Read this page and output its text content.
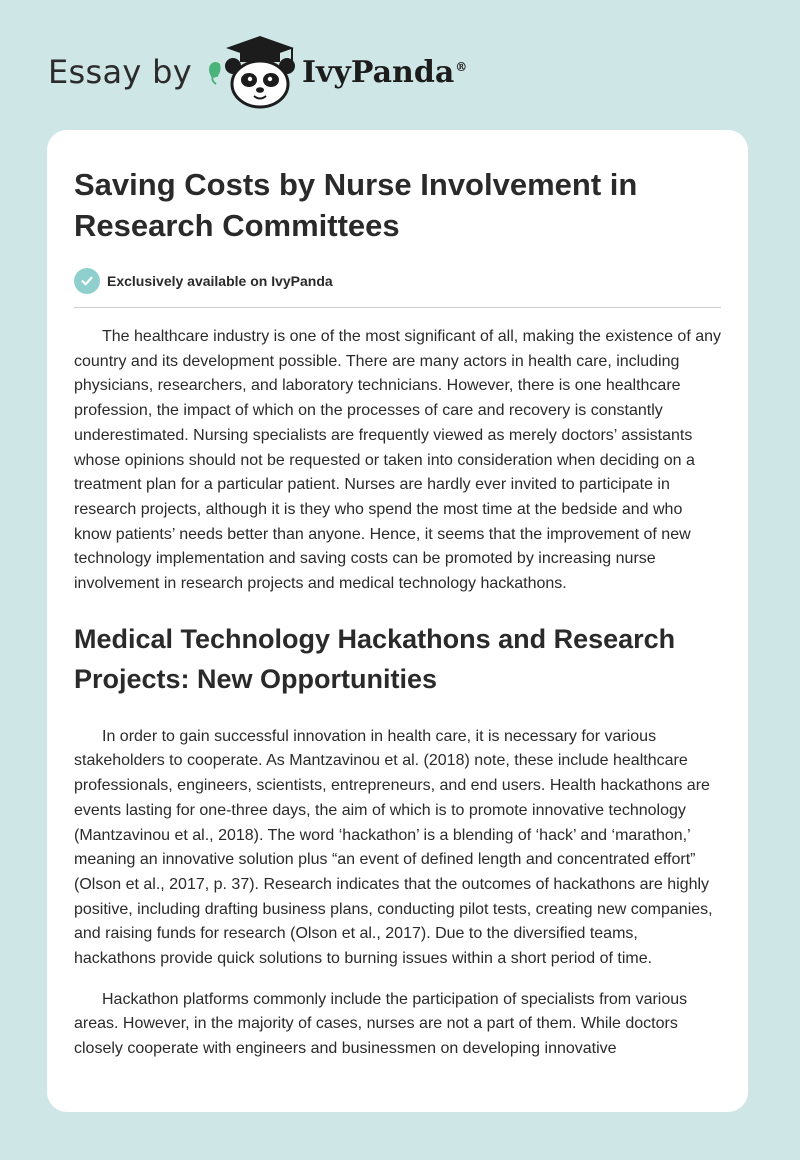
Essay by	IvyPanda®
Saving Costs by Nurse Involvement in Research Committees
Exclusively available on IvyPanda

The healthcare industry is one of the most significant of all, making the existence of any country and its development possible. There are many actors in health care, including physicians, researchers, and laboratory technicians. However, there is one healthcare profession, the impact of which on the processes of care and recovery is constantly underestimated. Nursing specialists are frequently viewed as merely doctors’ assistants whose opinions should not be requested or taken into consideration when deciding on a treatment plan for a particular patient. Nurses are hardly ever invited to participate in research projects, although it is they who spend the most time at the bedside and who know patients’ needs better than anyone. Hence, it seems that the improvement of new technology implementation and saving costs can be promoted by increasing nurse involvement in research projects and medical technology hackathons.

Medical Technology Hackathons and Research Projects: New Opportunities

In order to gain successful innovation in health care, it is necessary for various stakeholders to cooperate. As Mantzavinou et al. (2018) note, these include healthcare professionals, engineers, scientists, entrepreneurs, and end users. Health hackathons are events lasting for one-three days, the aim of which is to promote innovative technology (Mantzavinou et al., 2018). The word ‘hackathon’ is a blending of ‘hack’ and ‘marathon,’ meaning an innovative solution plus “an event of defined length and concentrated effort” (Olson et al., 2017, p. 37). Research indicates that the outcomes of hackathons are highly positive, including drafting business plans, conducting pilot tests, creating new companies, and raising funds for research (Olson et al., 2017). Due to the diversified teams, hackathons provide quick solutions to burning issues within a short period of time.

Hackathon platforms commonly include the participation of specialists from various areas. However, in the majority of cases, nurses are not a part of them. While doctors closely cooperate with engineers and businessmen on developing innovative
